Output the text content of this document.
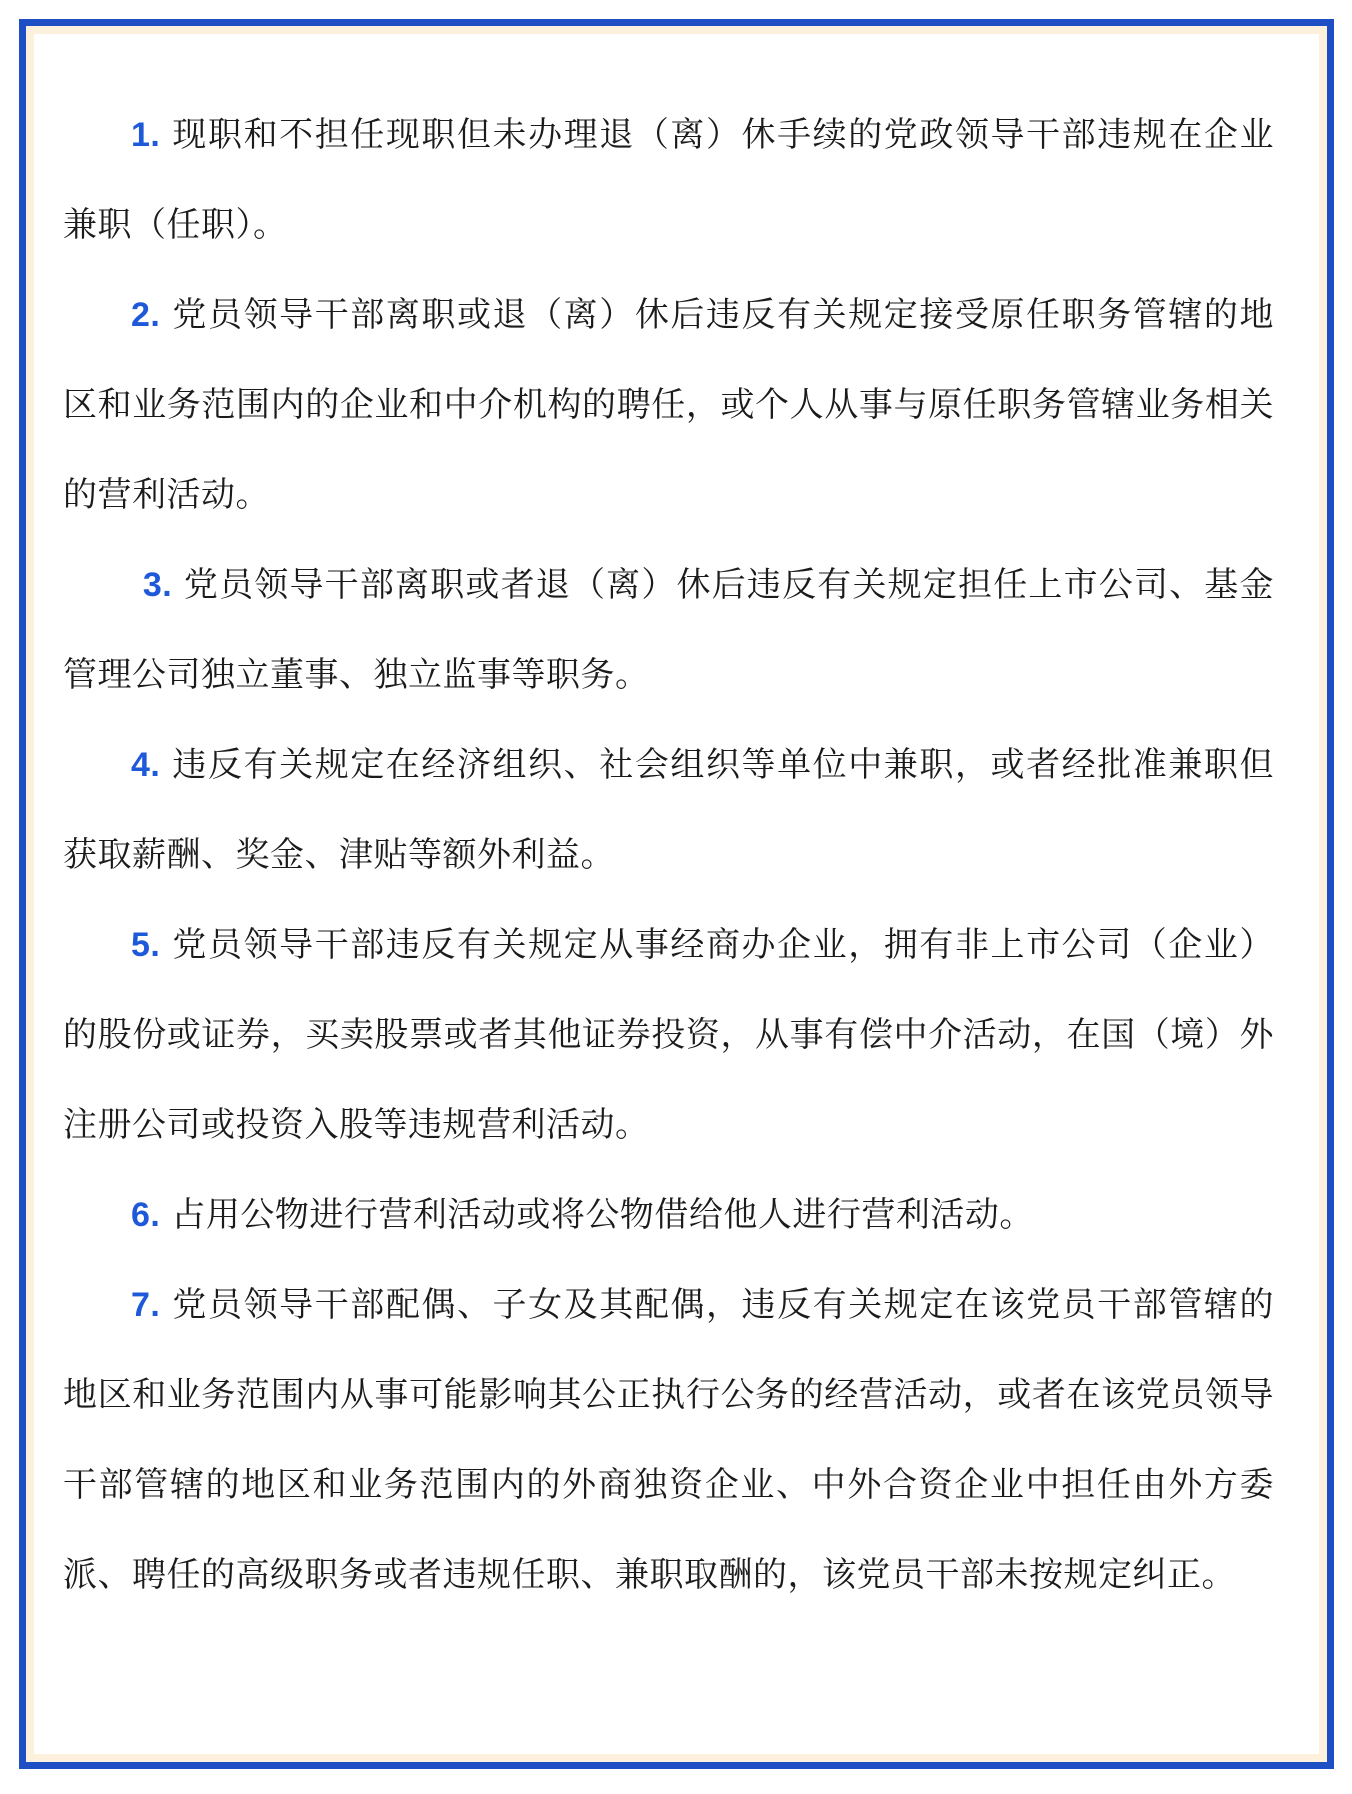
1. 现职和不担任现职但未办理退（离）休手续的党政领导干部违规在企业兼职（任职）。

2. 党员领导干部离职或退（离）休后违反有关规定接受原任职务管辖的地区和业务范围内的企业和中介机构的聘任，或个人从事与原任职务管辖业务相关的营利活动。

3. 党员领导干部离职或者退（离）休后违反有关规定担任上市公司、基金管理公司独立董事、独立监事等职务。

4. 违反有关规定在经济组织、社会组织等单位中兼职，或者经批准兼职但获取薪酬、奖金、津贴等额外利益。

5. 党员领导干部违反有关规定从事经商办企业，拥有非上市公司（企业）的股份或证券，买卖股票或者其他证券投资，从事有偿中介活动，在国（境）外注册公司或投资入股等违规营利活动。

6. 占用公物进行营利活动或将公物借给他人进行营利活动。

7. 党员领导干部配偶、子女及其配偶，违反有关规定在该党员干部管辖的地区和业务范围内从事可能影响其公正执行公务的经营活动，或者在该党员领导干部管辖的地区和业务范围内的外商独资企业、中外合资企业中担任由外方委派、聘任的高级职务或者违规任职、兼职取酬的，该党员干部未按规定纠正。
